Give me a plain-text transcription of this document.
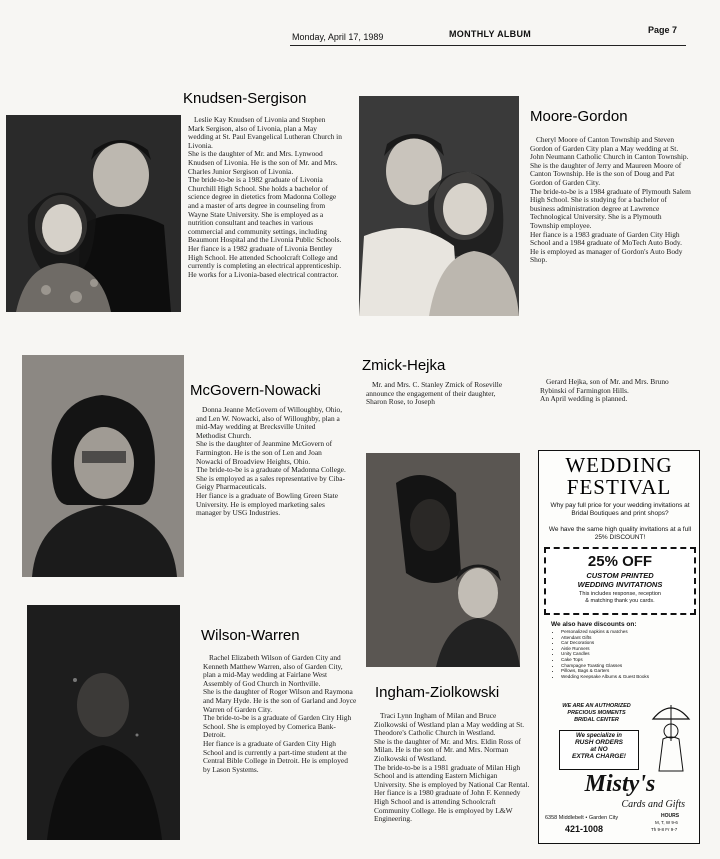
Monday, April 17, 1989	MONTHLY ALBUM	Page 7
Knudsen-Sergison

Leslie Kay Knudsen of Livonia and Stephen Mark Sergison, also of Livonia, plan a May wedding at St. Paul Evangelical Lutheran Church in Livonia.
She is the daughter of Mr. and Mrs. Lynwood Knudsen of Livonia. He is the son of Mr. and Mrs. Charles Junior Sergison of Livonia.
The bride-to-be is a 1982 graduate of Livonia Churchill High School. She holds a bachelor of science degree in dietetics from Madonna College and a master of arts degree in counseling from Wayne State University. She is employed as a nutrition consultant and teaches in various commercial and community settings, including Beaumont Hospital and the Livonia Public Schools.
Her fiance is a 1982 graduate of Livonia Bentley High School. He attended Schoolcraft College and currently is completing an electrical apprenticeship. He works for a Livonia-based electrical contractor.

Moore-Gordon

Cheryl Moore of Canton Township and Steven Gordon of Garden City plan a May wedding at St. John Neumann Catholic Church in Canton Township.
She is the daughter of Jerry and Maureen Moore of Canton Township. He is the son of Doug and Pat Gordon of Garden City.
The bride-to-be is a 1984 graduate of Plymouth Salem High School. She is studying for a bachelor of business administration degree at Lawrence Technological University. She is a Plymouth Township employee.
Her fiance is a 1983 graduate of Garden City High School and a 1984 graduate of MoTech Auto Body. He is employed as manager of Gordon's Auto Body Shop.

Zmick-Hejka

Mr. and Mrs. C. Stanley Zmick of Roseville announce the engagement of their daughter, Sharon Rose, to Joseph

Gerard Hejka, son of Mr. and Mrs. Bruno Rybinski of Farmington Hills.
An April wedding is planned.

McGovern-Nowacki

Donna Jeanne McGovern of Willoughby, Ohio, and Len W. Nowacki, also of Willoughby, plan a mid-May wedding at Brecksville United Methodist Church.
She is the daughter of Jeanmine McGovern of Farmington. He is the son of Len and Joan Nowacki of Broadview Heights, Ohio.
The bride-to-be is a graduate of Madonna College. She is employed as a sales representative by Ciba-Geigy Pharmaceuticals.
Her fiance is a graduate of Bowling Green State University. He is employed marketing sales manager by USG Industries.

Wilson-Warren

Rachel Elizabeth Wilson of Garden City and Kenneth Matthew Warren, also of Garden City, plan a mid-May wedding at Fairlane West Assembly of God Church in Northville.
She is the daughter of Roger Wilson and Raymona and Mary Hyde. He is the son of Garland and Joyce Warren of Garden City.
The bride-to-be is a graduate of Garden City High School. She is employed by Comerica Bank-Detroit.
Her fiance is a graduate of Garden City High School and is currently a part-time student at the Central Bible College in Detroit. He is employed by Lason Systems.

Ingham-Ziolkowski

Traci Lynn Ingham of Milan and Bruce Ziolkowski of Westland plan a May wedding at St. Theodore's Catholic Church in Westland.
She is the daughter of Mr. and Mrs. Eldin Ross of Milan. He is the son of Mr. and Mrs. Norman Ziolkowski of Westland.
The bride-to-be is a 1981 graduate of Milan High School and is attending Eastern Michigan University. She is employed by National Car Rental.
Her fiance is a 1980 graduate of John F. Kennedy High School and is attending Schoolcraft Community College. He is employed by L&W Engineering.

WEDDING
FESTIVAL
Why pay full price for your wedding invitations at Bridal Boutiques and print shops?
We have the same high quality invitations at a full 25% DISCOUNT!
25% OFF
CUSTOM PRINTED
WEDDING INVITATIONS
This includes response, reception
& matching thank you cards.
We also have discounts on:
• Personalized napkins & matches
• Attendant Gifts
• Car Decorations
• Aisle Runners
• Unity Candles
• Cake Tops
• Champagne Toasting Glasses
• Pillows, Bags & Garters
• Wedding Keepsake Albums & Guest Books
WE ARE AN AUTHORIZED
PRECIOUS MOMENTS
BRIDAL CENTER
We specialize in
RUSH ORDERS
at NO
EXTRA CHARGE!
Misty's
Cards and Gifts
6358 Middlebelt • Garden City
421-1008
HOURS
M, T, W 9-6
Th 9-8 Fr 9-7
